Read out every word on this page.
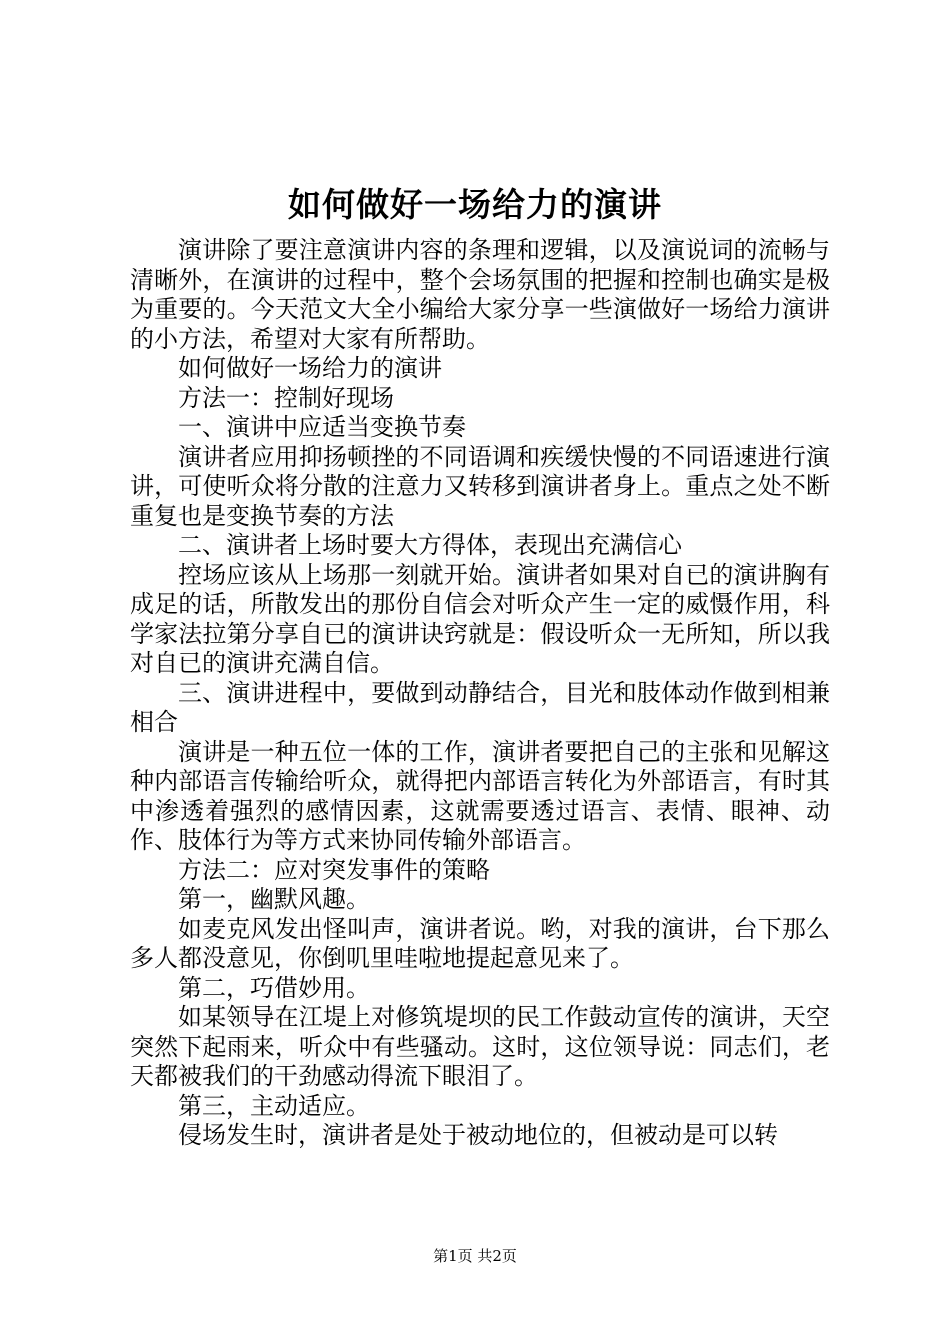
如何做好一场给力的演讲

演讲除了要注意演讲内容的条理和逻辑，以及演说词的流畅与清晰外，在演讲的过程中，整个会场氛围的把握和控制也确实是极为重要的。今天范文大全小编给大家分享一些演做好一场给力演讲的小方法，希望对大家有所帮助。

如何做好一场给力的演讲

方法一：控制好现场

一、演讲中应适当变换节奏

演讲者应用抑扬顿挫的不同语调和疾缓快慢的不同语速进行演讲，可使听众将分散的注意力又转移到演讲者身上。重点之处不断重复也是变换节奏的方法

二、演讲者上场时要大方得体，表现出充满信心

控场应该从上场那一刻就开始。演讲者如果对自已的演讲胸有成足的话，所散发出的那份自信会对听众产生一定的威慑作用，科学家法拉第分享自已的演讲诀窍就是：假设听众一无所知，所以我对自已的演讲充满自信。

三、演讲进程中，要做到动静结合，目光和肢体动作做到相兼相合

演讲是一种五位一体的工作，演讲者要把自己的主张和见解这种内部语言传输给听众，就得把内部语言转化为外部语言，有时其中渗透着强烈的感情因素，这就需要透过语言、表情、眼神、动作、肢体行为等方式来协同传输外部语言。

方法二：应对突发事件的策略

第一，幽默风趣。

如麦克风发出怪叫声，演讲者说。哟，对我的演讲，台下那么多人都没意见，你倒叽里哇啦地提起意见来了。

第二，巧借妙用。

如某领导在江堤上对修筑堤坝的民工作鼓动宣传的演讲，天空突然下起雨来，听众中有些骚动。这时，这位领导说：同志们，老天都被我们的干劲感动得流下眼泪了。

第三，主动适应。

侵场发生时，演讲者是处于被动地位的，但被动是可以转

第1页 共2页
